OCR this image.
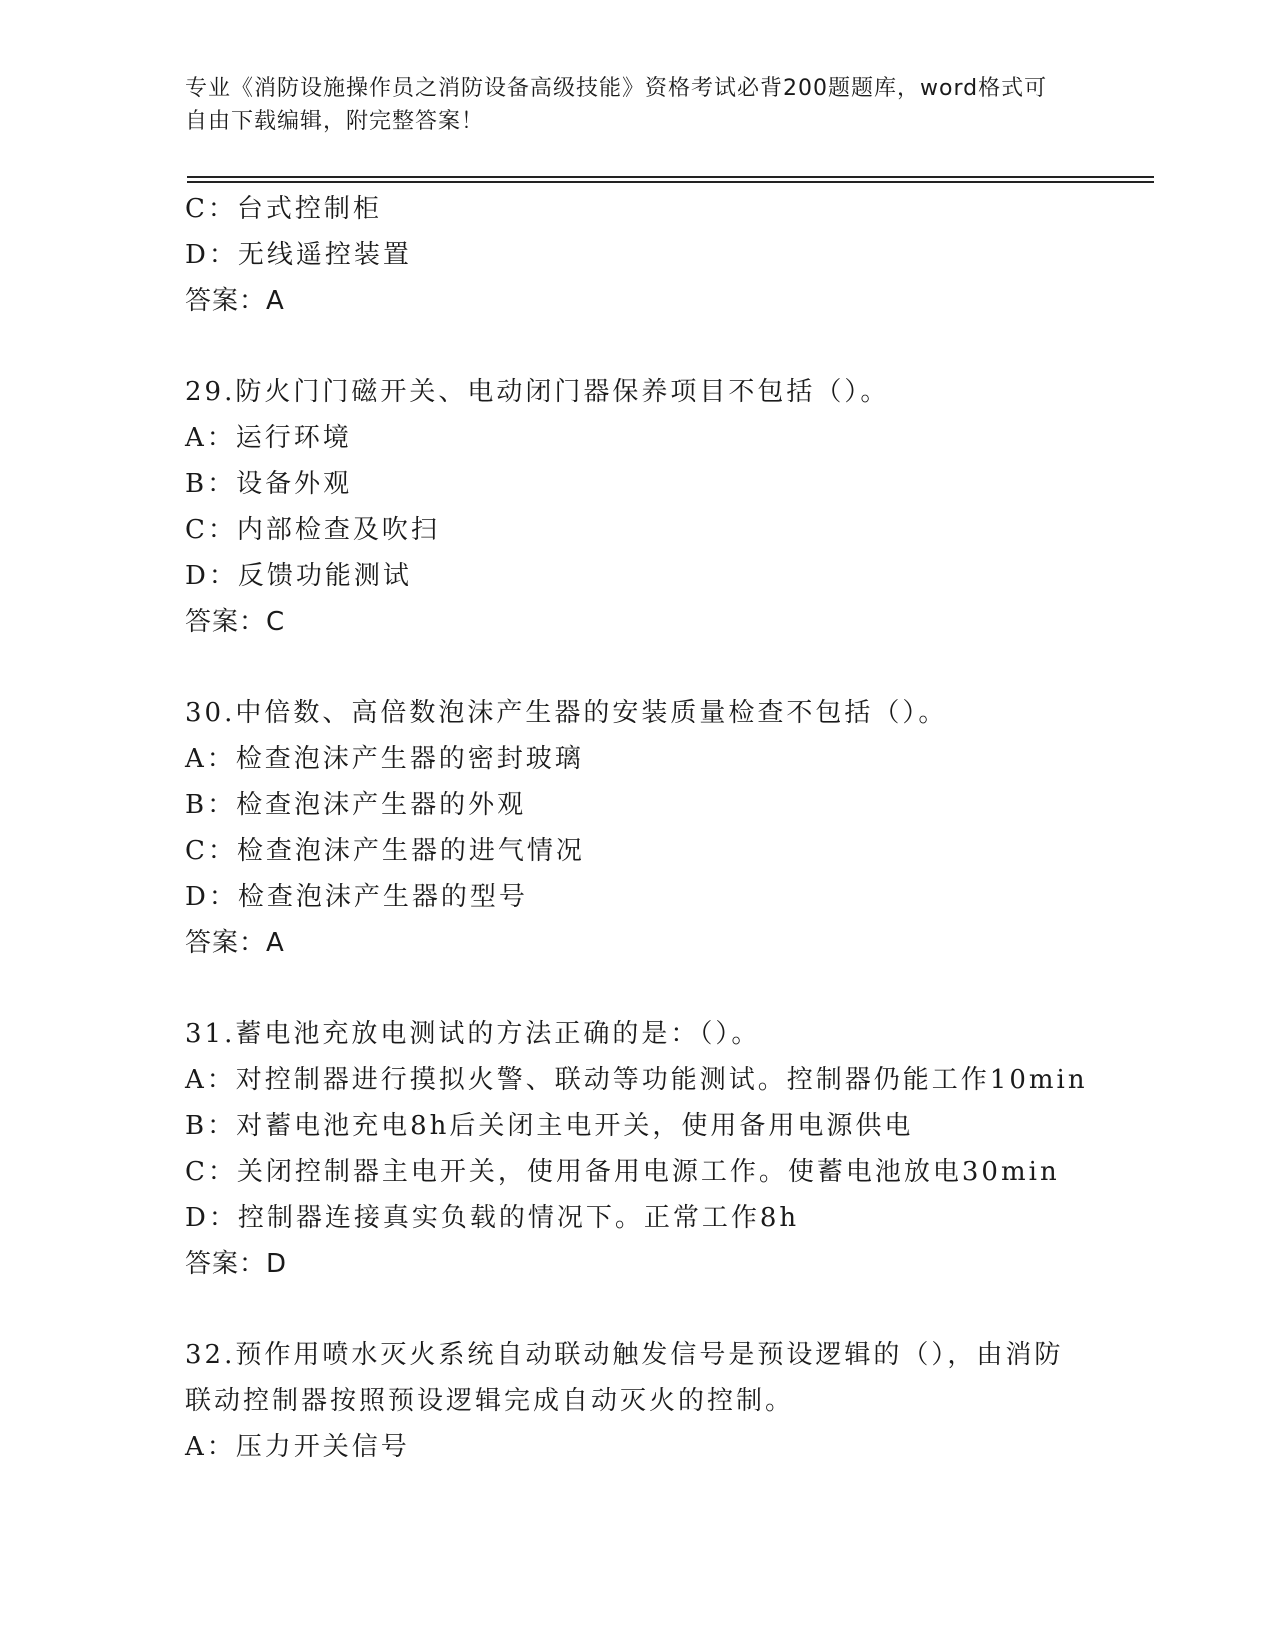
专业《消防设施操作员之消防设备高级技能》资格考试必背200题题库，word格式可自由下载编辑，附完整答案！
C：台式控制柜
D：无线遥控装置
答案：A
29.防火门门磁开关、电动闭门器保养项目不包括（）。
A：运行环境
B：设备外观
C：内部检查及吹扫
D：反馈功能测试
答案：C
30.中倍数、高倍数泡沫产生器的安装质量检查不包括（）。
A：检查泡沫产生器的密封玻璃
B：检查泡沫产生器的外观
C：检查泡沫产生器的进气情况
D：检查泡沫产生器的型号
答案：A
31.蓄电池充放电测试的方法正确的是：（）。
A：对控制器进行摸拟火警、联动等功能测试。控制器仍能工作10min
B：对蓄电池充电8h后关闭主电开关，使用备用电源供电
C：关闭控制器主电开关，使用备用电源工作。使蓄电池放电30min
D：控制器连接真实负载的情况下。正常工作8h
答案：D
32.预作用喷水灭火系统自动联动触发信号是预设逻辑的（），由消防联动控制器按照预设逻辑完成自动灭火的控制。
A：压力开关信号
